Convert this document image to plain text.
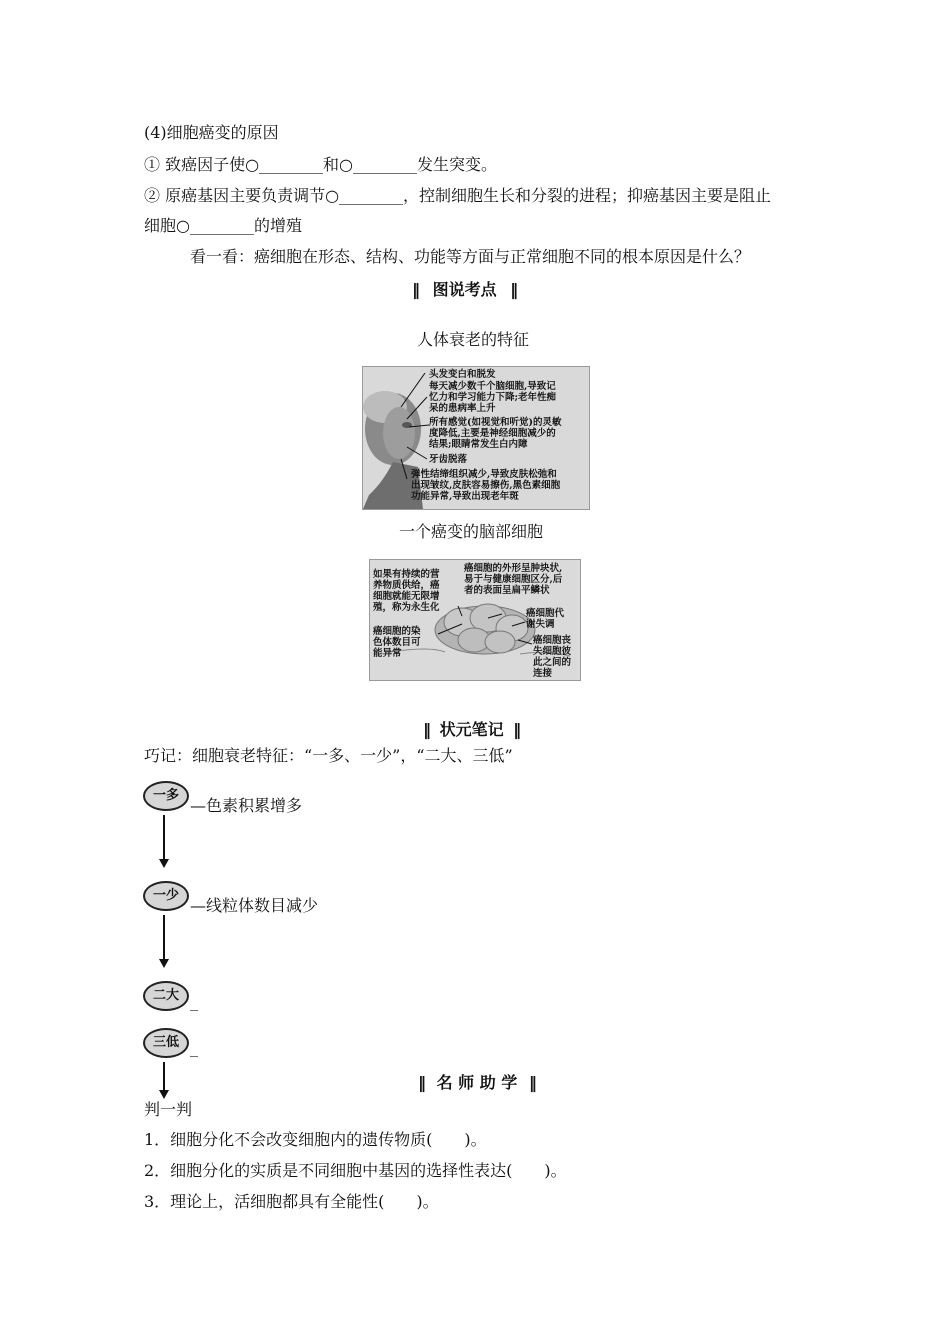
(4)细胞癌变的原因
① 致癌因子使○________和○________发生突变。
② 原癌基因主要负责调节○________，控制细胞生长和分裂的进程；抑癌基因主要是阻止
细胞○________的增殖
看一看：癌细胞在形态、结构、功能等方面与正常细胞不同的根本原因是什么？
‖ 图说考点 ‖
人体衰老的特征
头发变白和脱发
每天减少数千个脑细胞,导致记
忆力和学习能力下降;老年性痴
呆的患病率上升
所有感觉(如视觉和听觉)的灵敏
度降低,主要是神经细胞减少的
结果;眼睛常发生白内障
牙齿脱落
弹性结缔组织减少,导致皮肤松弛和
出现皱纹,皮肤容易擦伤,黑色素细胞
功能异常,导致出现老年斑
一个癌变的脑部细胞
如果有持续的营
养物质供给，癌
细胞就能无限增
殖，称为永生化
癌细胞的染
色体数目可
能异常
癌细胞的外形呈肿块状,
易于与健康细胞区分,后
者的表面呈扁平鳞状
癌细胞代
谢失调
癌细胞丧
失细胞彼
此之间的
连接
‖ 状元笔记 ‖
巧记：细胞衰老特征：“一多、一少”，“二大、三低”
一多
—色素积累增多
一少
—线粒体数目减少
二大 _
三低 _
‖ 名 师 助 学 ‖
判一判
1．细胞分化不会改变细胞内的遗传物质(　　)。
2．细胞分化的实质是不同细胞中基因的选择性表达(　　)。
3．理论上，活细胞都具有全能性(　　)。
